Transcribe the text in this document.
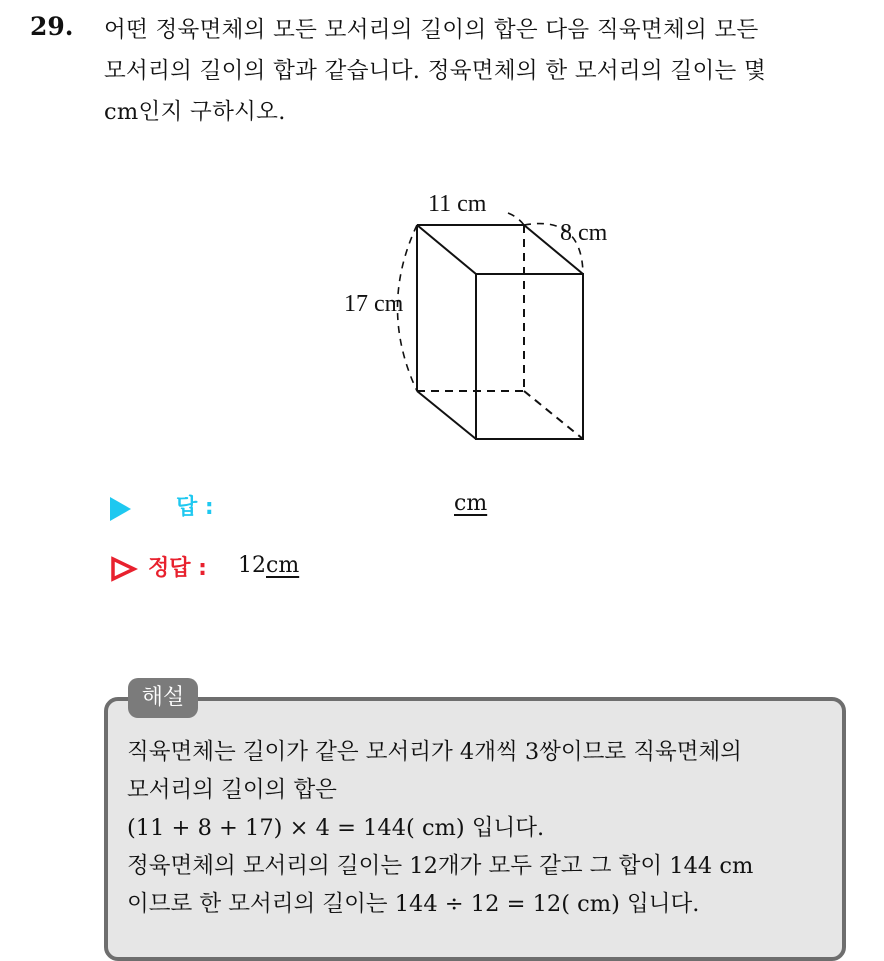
29. 어떤 정육면체의 모든 모서리의 길이의 합은 다음 직육면체의 모든
모서리의 길이의 합과 같습니다. 정육면체의 한 모서리의 길이는 몇
cm인지 구하시오.
11 cm
8 cm
17 cm
답 :	cm
정답 : 12cm
해설
직육면체는 길이가 같은 모서리가 4개씩 3쌍이므로 직육면체의
모서리의 길이의 합은
(11 + 8 + 17) × 4 = 144( cm) 입니다.
정육면체의 모서리의 길이는 12개가 모두 같고 그 합이 144 cm
이므로 한 모서리의 길이는 144 ÷ 12 = 12( cm) 입니다.
